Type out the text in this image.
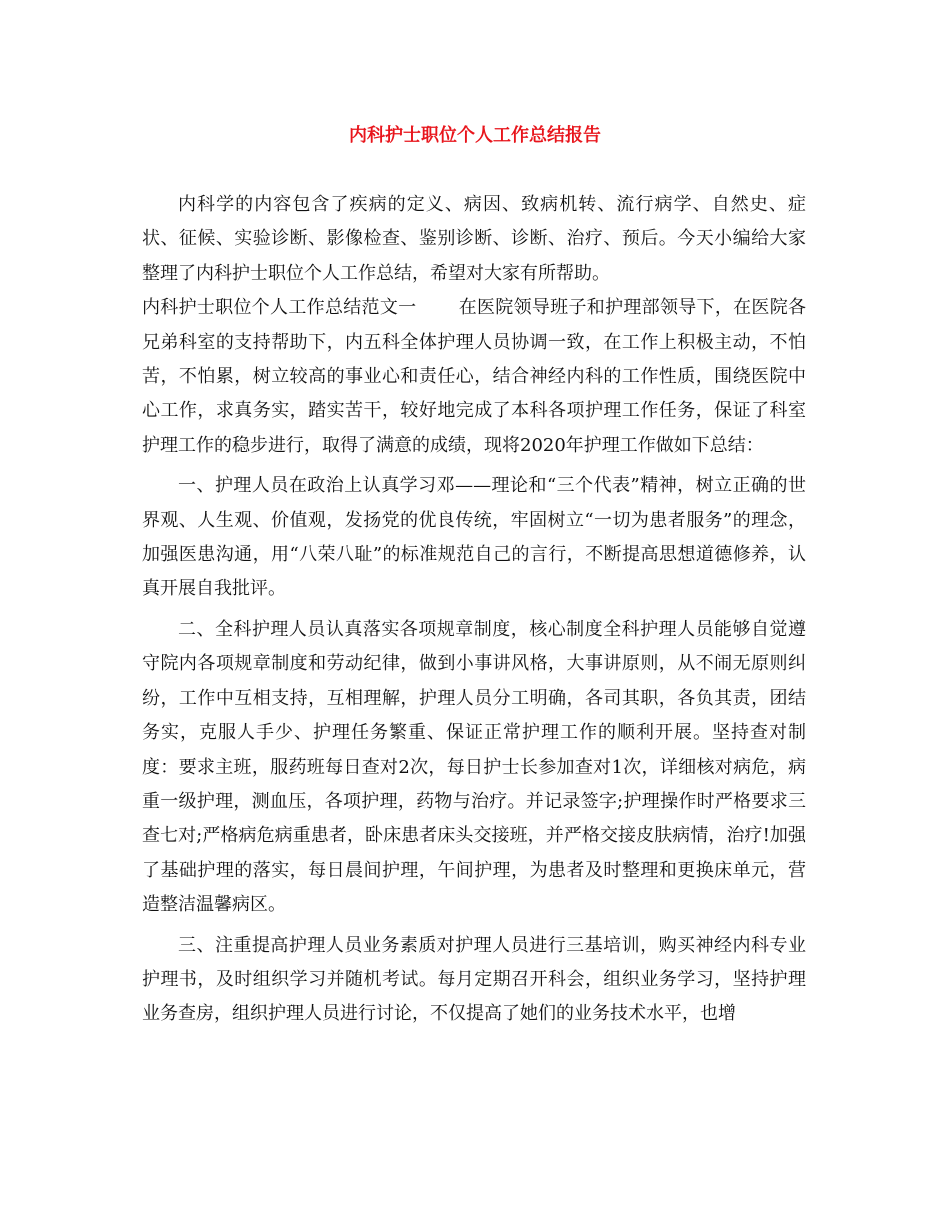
内科护士职位个人工作总结报告

内科学的内容包含了疾病的定义、病因、致病机转、流行病学、自然史、症状、征候、实验诊断、影像检查、鉴别诊断、诊断、治疗、预后。今天小编给大家整理了内科护士职位个人工作总结，希望对大家有所帮助。

内科护士职位个人工作总结范文一 在医院领导班子和护理部领导下，在医院各兄弟科室的支持帮助下，内五科全体护理人员协调一致，在工作上积极主动，不怕苦，不怕累，树立较高的事业心和责任心，结合神经内科的工作性质，围绕医院中心工作，求真务实，踏实苦干，较好地完成了本科各项护理工作任务，保证了科室护理工作的稳步进行，取得了满意的成绩，现将2020年护理工作做如下总结：

一、护理人员在政治上认真学习邓——理论和“三个代表”精神，树立正确的世界观、人生观、价值观，发扬党的优良传统，牢固树立“一切为患者服务”的理念，加强医患沟通，用“八荣八耻”的标准规范自己的言行，不断提高思想道德修养，认真开展自我批评。

二、全科护理人员认真落实各项规章制度，核心制度全科护理人员能够自觉遵守院内各项规章制度和劳动纪律，做到小事讲风格，大事讲原则，从不闹无原则纠纷，工作中互相支持，互相理解，护理人员分工明确，各司其职，各负其责，团结务实，克服人手少、护理任务繁重、保证正常护理工作的顺利开展。坚持查对制度：要求主班，服药班每日查对2次，每日护士长参加查对1次，详细核对病危，病重一级护理，测血压，各项护理，药物与治疗。并记录签字;护理操作时严格要求三查七对;严格病危病重患者，卧床患者床头交接班，并严格交接皮肤病情，治疗!加强了基础护理的落实，每日晨间护理，午间护理，为患者及时整理和更换床单元，营造整洁温馨病区。

三、注重提高护理人员业务素质对护理人员进行三基培训，购买神经内科专业护理书，及时组织学习并随机考试。每月定期召开科会，组织业务学习，坚持护理业务查房，组织护理人员进行讨论，不仅提高了她们的业务技术水平，也增
